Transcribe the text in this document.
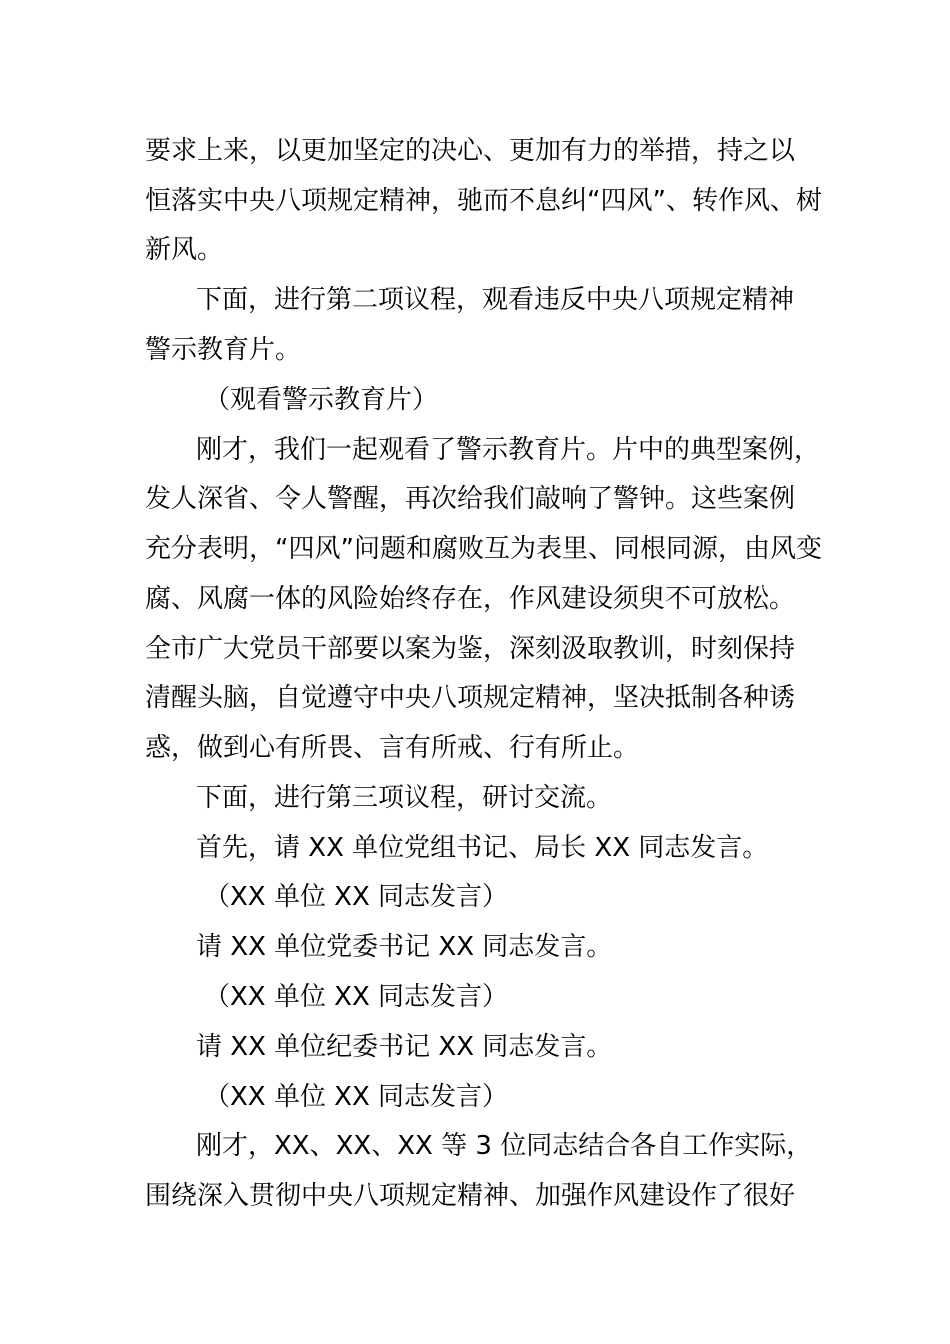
要求上来，以更加坚定的决心、更加有力的举措，持之以
恒落实中央八项规定精神，驰而不息纠“四风”、转作风、树
新风。
下面，进行第二项议程，观看违反中央八项规定精神
警示教育片。
（观看警示教育片）
刚才，我们一起观看了警示教育片。片中的典型案例，
发人深省、令人警醒，再次给我们敲响了警钟。这些案例
充分表明，“四风”问题和腐败互为表里、同根同源，由风变
腐、风腐一体的风险始终存在，作风建设须臾不可放松。
全市广大党员干部要以案为鉴，深刻汲取教训，时刻保持
清醒头脑，自觉遵守中央八项规定精神，坚决抵制各种诱
惑，做到心有所畏、言有所戒、行有所止。
下面，进行第三项议程，研讨交流。
首先，请 XX 单位党组书记、局长 XX 同志发言。
（XX 单位 XX 同志发言）
请 XX 单位党委书记 XX 同志发言。
（XX 单位 XX 同志发言）
请 XX 单位纪委书记 XX 同志发言。
（XX 单位 XX 同志发言）
刚才，XX、XX、XX 等 3 位同志结合各自工作实际，
围绕深入贯彻中央八项规定精神、加强作风建设作了很好
